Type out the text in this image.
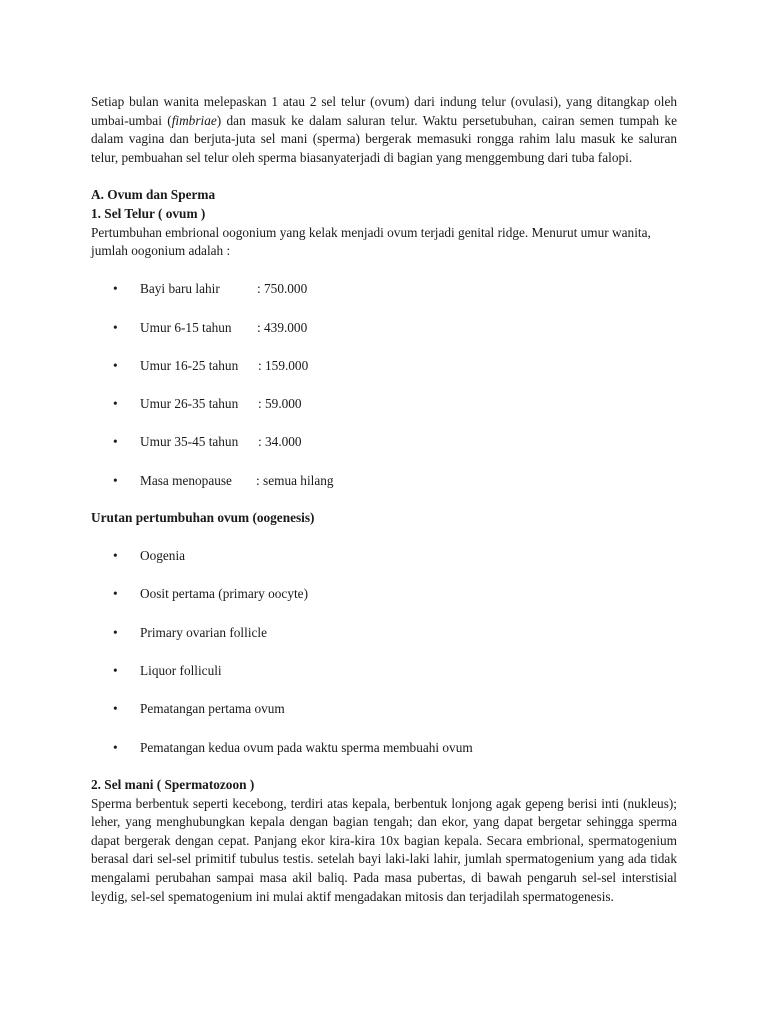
Setiap bulan wanita melepaskan 1 atau 2 sel telur (ovum) dari indung telur (ovulasi), yang ditangkap oleh umbai-umbai (fimbriae) dan masuk ke dalam saluran telur. Waktu persetubuhan, cairan semen tumpah ke dalam vagina dan berjuta-juta sel mani (sperma) bergerak memasuki rongga rahim lalu masuk ke saluran telur, pembuahan sel telur oleh sperma biasanyaterjadi di bagian yang menggembung dari tuba falopi.

A. Ovum dan Sperma

1. Sel Telur ( ovum )

Pertumbuhan embrional oogonium yang kelak menjadi ovum terjadi genital ridge. Menurut umur wanita, jumlah oogonium adalah :

• Bayi baru lahir	: 750.000
• Umur 6-15 tahun : 439.000
• Umur 16-25 tahun : 159.000
• Umur 26-35 tahun : 59.000
• Umur 35-45 tahun : 34.000
• Masa menopause : semua hilang

Urutan pertumbuhan ovum (oogenesis)

• Oogenia
• Oosit pertama (primary oocyte)
• Primary ovarian follicle
• Liquor folliculi
• Pematangan pertama ovum
• Pematangan kedua ovum pada waktu sperma membuahi ovum

2. Sel mani ( Spermatozoon )

Sperma berbentuk seperti kecebong, terdiri atas kepala, berbentuk lonjong agak gepeng berisi inti (nukleus); leher, yang menghubungkan kepala dengan bagian tengah; dan ekor, yang dapat bergetar sehingga sperma dapat bergerak dengan cepat. Panjang ekor kira-kira 10x bagian kepala. Secara embrional, spermatogenium berasal dari sel-sel primitif tubulus testis. setelah bayi laki-laki lahir, jumlah spermatogenium yang ada tidak mengalami perubahan sampai masa akil baliq. Pada masa pubertas, di bawah pengaruh sel-sel interstisial leydig, sel-sel spematogenium ini mulai aktif mengadakan mitosis dan terjadilah spermatogenesis.
